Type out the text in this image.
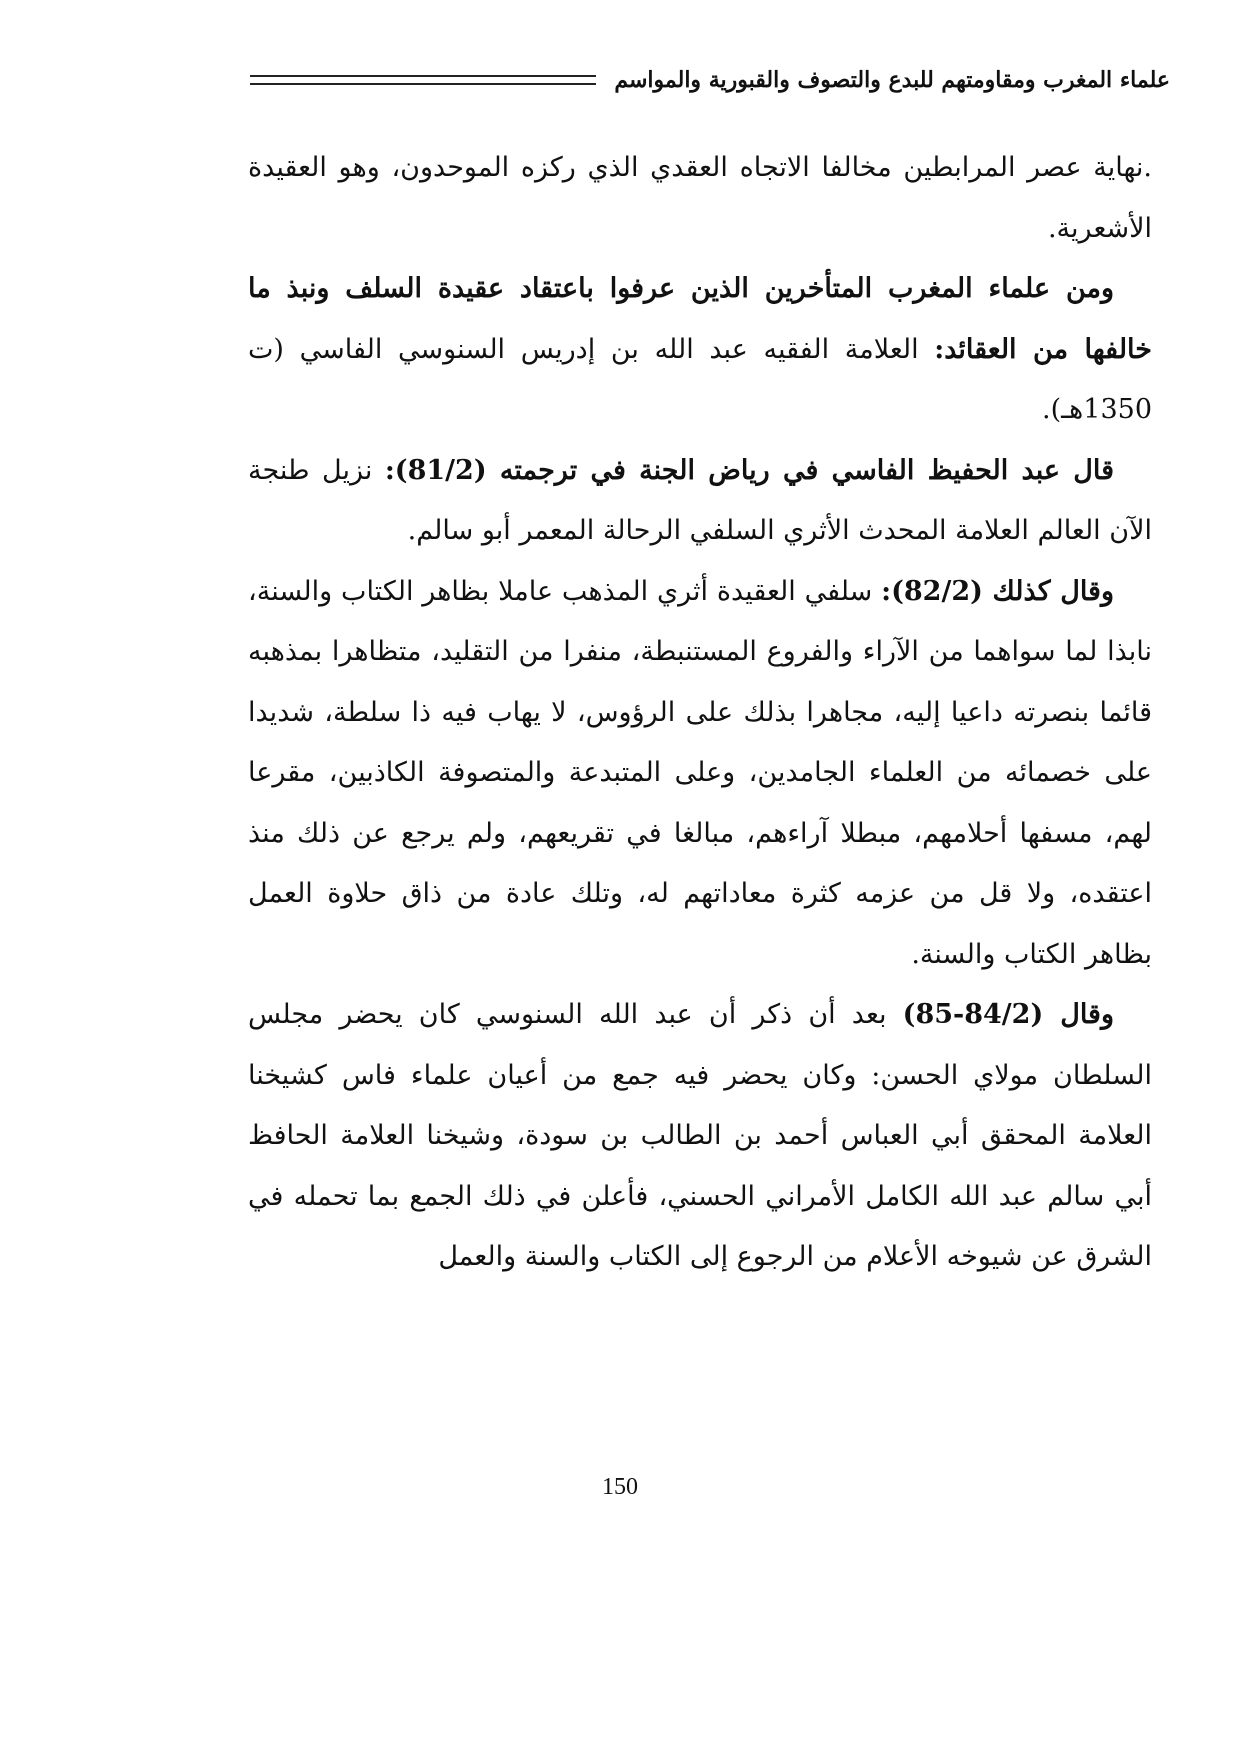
علماء المغرب ومقاومتهم للبدع والتصوف والقبورية والمواسم

.نهاية عصر المرابطين مخالفا الاتجاه العقدي الذي ركزه الموحدون، وهو العقيدة الأشعرية.

ومن علماء المغرب المتأخرين الذين عرفوا باعتقاد عقيدة السلف ونبذ ما خالفها من العقائد: العلامة الفقيه عبد الله بن إدريس السنوسي الفاسي (ت 1350هـ).

قال عبد الحفيظ الفاسي في رياض الجنة في ترجمته (81/2): نزيل طنجة الآن العالم العلامة المحدث الأثري السلفي الرحالة المعمر أبو سالم.

وقال كذلك (82/2): سلفي العقيدة أثري المذهب عاملا بظاهر الكتاب والسنة، نابذا لما سواهما من الآراء والفروع المستنبطة، منفرا من التقليد، متظاهرا بمذهبه قائما بنصرته داعيا إليه، مجاهرا بذلك على الرؤوس، لا يهاب فيه ذا سلطة، شديدا على خصمائه من العلماء الجامدين، وعلى المتبدعة والمتصوفة الكاذبين، مقرعا لهم، مسفها أحلامهم، مبطلا آراءهم، مبالغا في تقريعهم، ولم يرجع عن ذلك منذ اعتقده، ولا قل من عزمه كثرة معاداتهم له، وتلك عادة من ذاق حلاوة العمل بظاهر الكتاب والسنة.

وقال (84/2-85) بعد أن ذكر أن عبد الله السنوسي كان يحضر مجلس السلطان مولاي الحسن: وكان يحضر فيه جمع من أعيان علماء فاس كشيخنا العلامة المحقق أبي العباس أحمد بن الطالب بن سودة، وشيخنا العلامة الحافظ أبي سالم عبد الله الكامل الأمراني الحسني، فأعلن في ذلك الجمع بما تحمله في الشرق عن شيوخه الأعلام من الرجوع إلى الكتاب والسنة والعمل

150
